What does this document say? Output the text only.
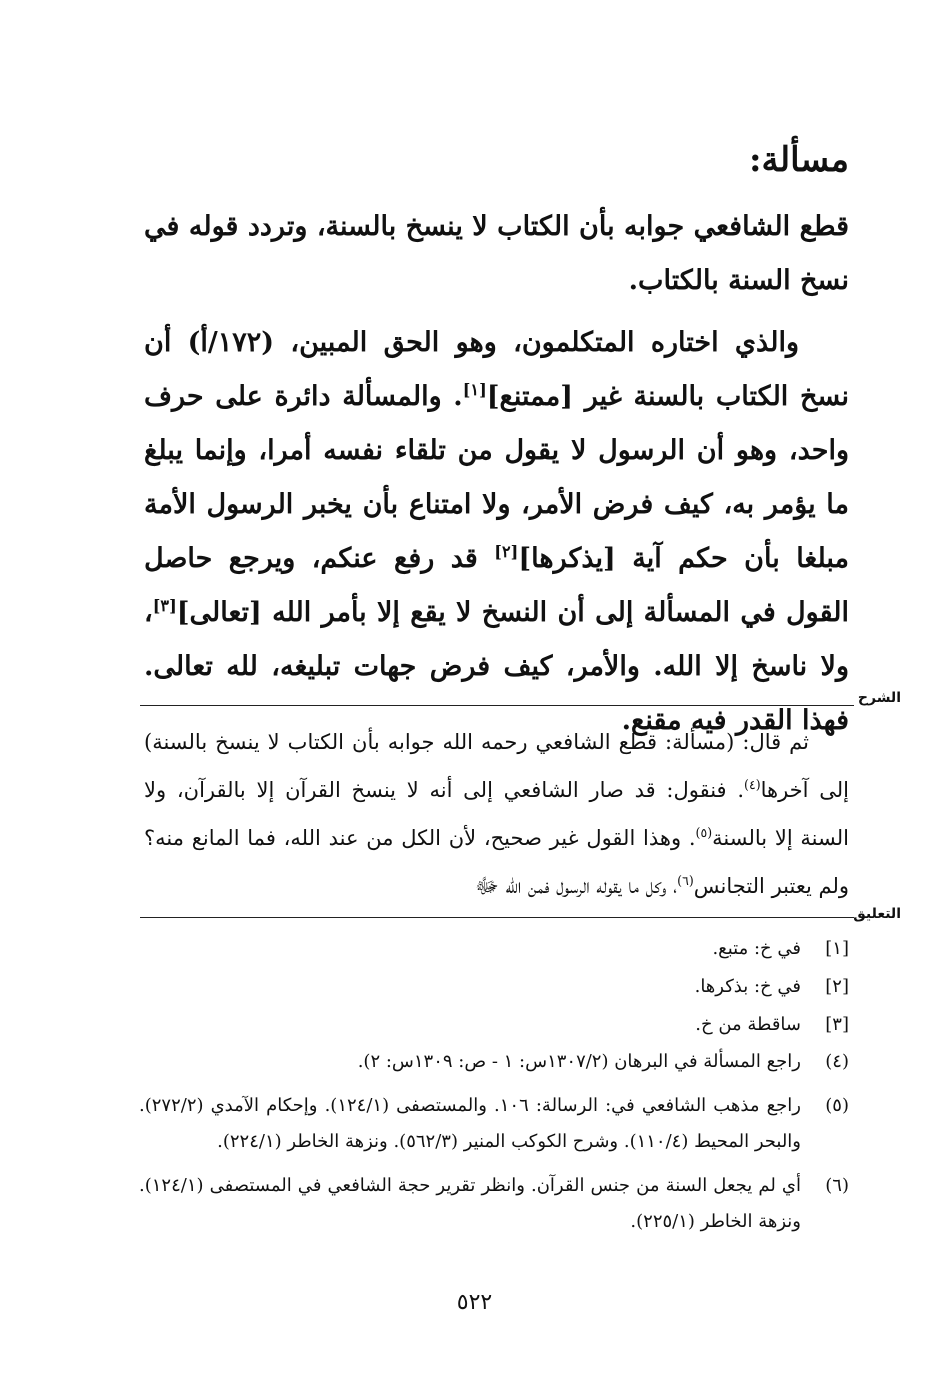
مسألة:

قطع الشافعي جوابه بأن الكتاب لا ينسخ بالسنة، وتردد قوله في نسخ السنة بالكتاب.

والذي اختاره المتكلمون، وهو الحق المبين، (١٧٢/أ) أن نسخ الكتاب بالسنة غير [ممتنع][١]. والمسألة دائرة على حرف واحد، وهو أن الرسول لا يقول من تلقاء نفسه أمرا، وإنما يبلغ ما يؤمر به، كيف فرض الأمر، ولا امتناع بأن يخبر الرسول الأمة مبلغا بأن حكم آية [يذكرها][٢] قد رفع عنكم، ويرجع حاصل القول في المسألة إلى أن النسخ لا يقع إلا بأمر الله [تعالى][٣]، ولا ناسخ إلا الله. والأمر، كيف فرض جهات تبليغه، لله تعالى. فهذا القدر فيه مقنع.

الشرح

ثم قال: (مسألة: قطع الشافعي رحمه الله جوابه بأن الكتاب لا ينسخ بالسنة) إلى آخرها$^{(٤)}$. فنقول: قد صار الشافعي إلى أنه لا ينسخ القرآن إلا بالقرآن، ولا السنة إلا بالسنة$^{(٥)}$. وهذا القول غير صحيح، لأن الكل من عند الله، فما المانع منه؟ ولم يعتبر التجانس$^{(٦)}$، وكل ما يقوله الرسول فمن الله ﷻ

التعليق
[١]
في خ: متبع.
[٢]
في خ: بذكرها.
[٣]
ساقطة من خ.
(٤)
راجع المسألة في البرهان (١٣٠٧/٢س: ١ - ص: ١٣٠٩س: ٢).
(٥)
راجع مذهب الشافعي في: الرسالة: ١٠٦. والمستصفى (١٢٤/١). وإحكام الآمدي (٢٧٢/٢). والبحر المحيط (١١٠/٤). وشرح الكوكب المنير (٥٦٢/٣). ونزهة الخاطر (٢٢٤/١).
(٦)
أي لم يجعل السنة من جنس القرآن. وانظر تقرير حجة الشافعي في المستصفى (١٢٤/١). ونزهة الخاطر (٢٢٥/١).
٥٢٢
